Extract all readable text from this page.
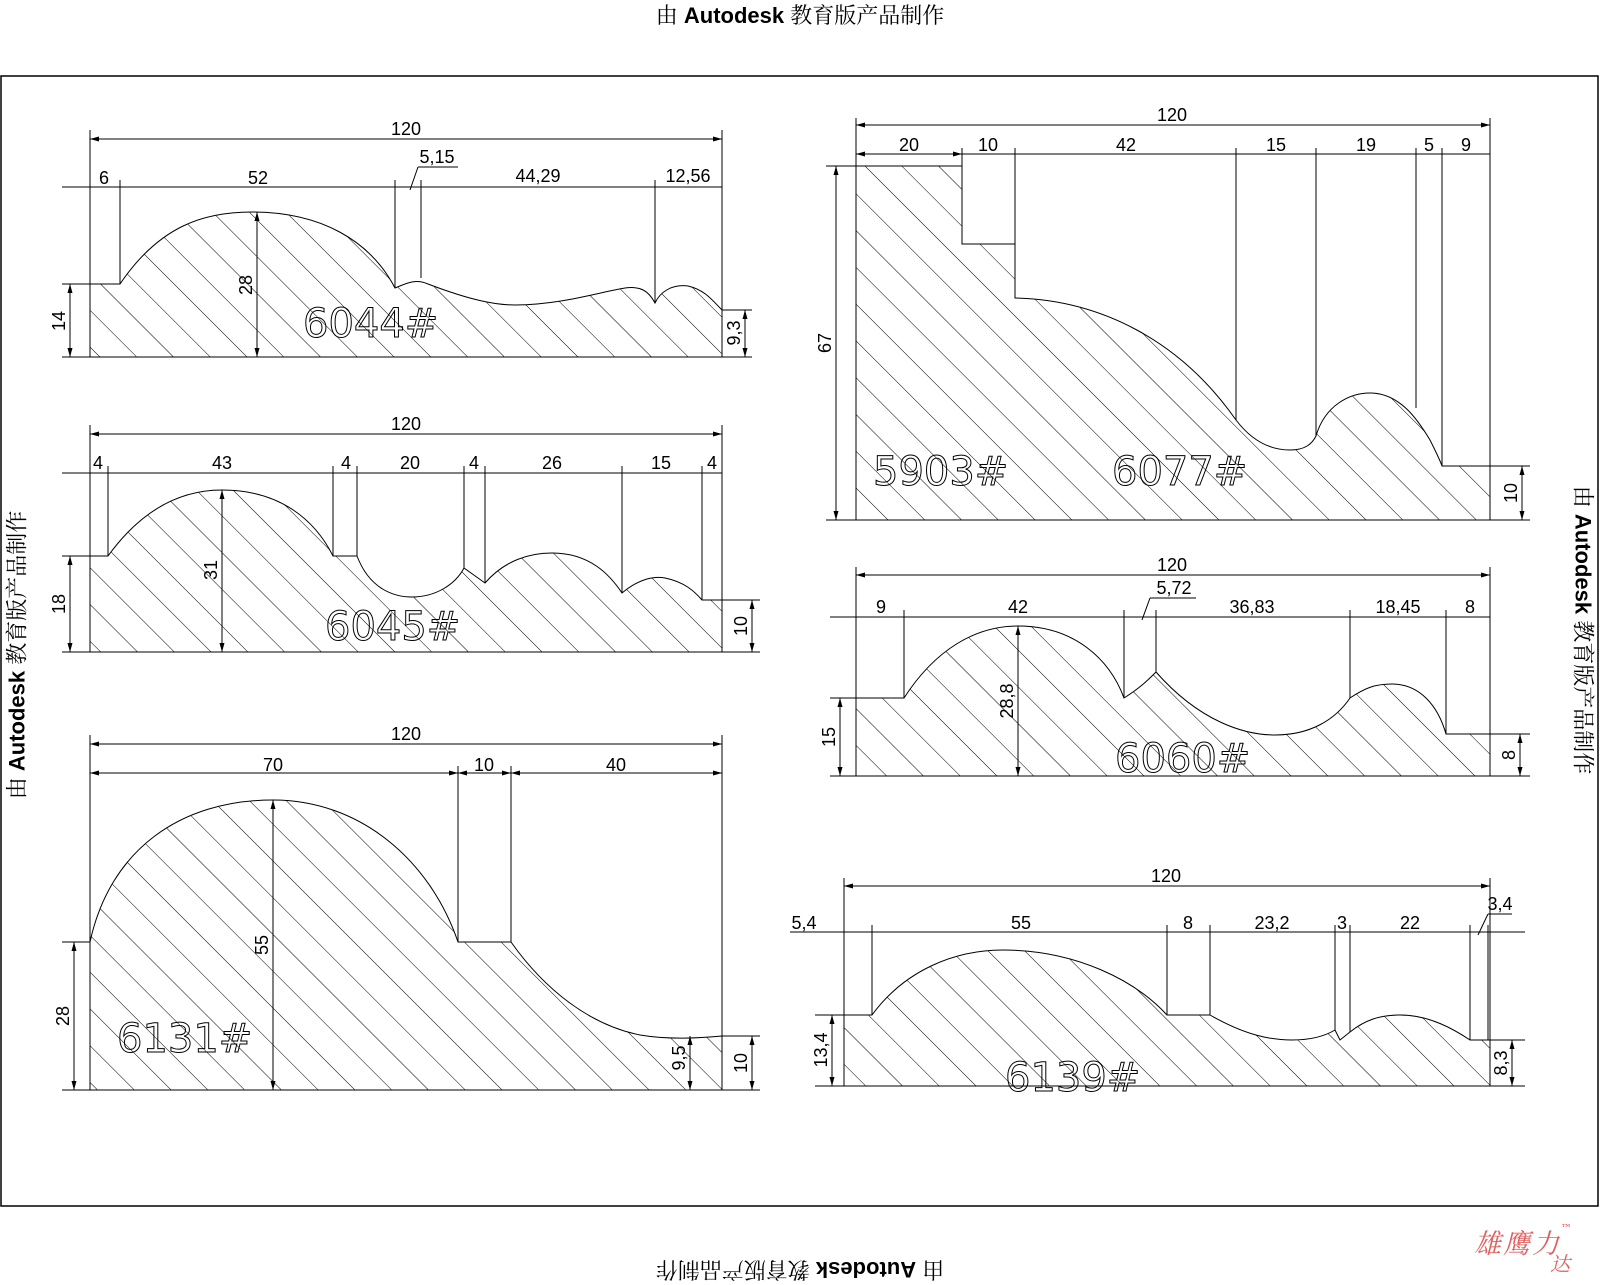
由 Autodesk 教育版产品制作
由 Autodesk 教育版产品制作
由 Autodesk 教育版产品制作
由 Autodesk 教育版产品制作
120
6	52
5,15
44,29	12,56
28
14	9,3
120
4	43	4	20	4	26	15 4
31
18
10
120
70	10	40
55
28
9,5 10
120
20	10	42	15	19	5 9
67
10
120
9	42
5,72
36,83	18,45 8
28,8
15
8
120
5,4	55	8	23,2	3	22
3,4
13,4	8,3
6044#
6045#
6131#
5903#	6077#
6060#
6139#
雄鹰力™
达
